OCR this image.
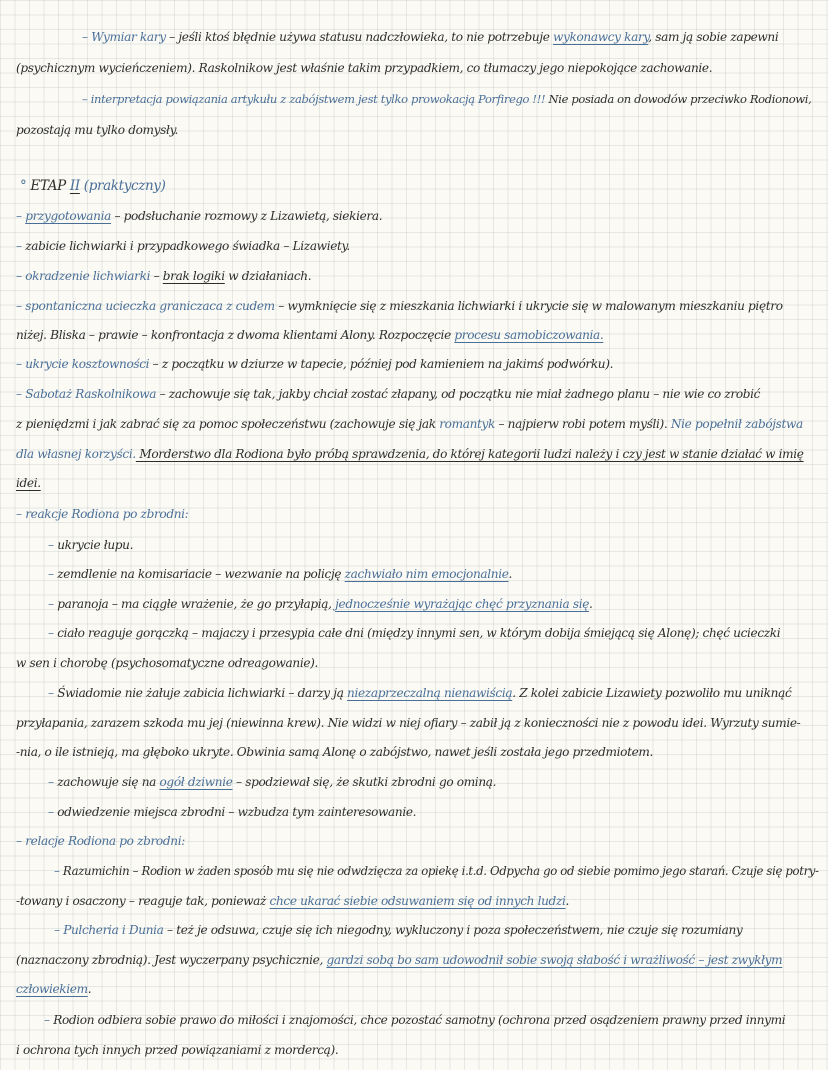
– Wymiar kary – jeśli ktoś błędnie używa statusu nadczłowieka, to nie potrzebuje wykonawcy kary, sam ją sobie zapewni
(psychicznym wycieńczeniem). Raskolnikow jest właśnie takim przypadkiem, co tłumaczy jego niepokojące zachowanie.
– interpretacja powiązania artykułu z zabójstwem jest tylko prowokacją Porfirego !!! Nie posiada on dowodów przeciwko Rodionowi,
pozostają mu tylko domysły.
° ETAP II (praktyczny)
– przygotowania – podsłuchanie rozmowy z Lizawietą, siekiera.
– zabicie lichwiarki i przypadkowego świadka – Lizawiety.
– okradzenie lichwiarki – brak logiki w działaniach.
– spontaniczna ucieczka graniczaca z cudem – wymknięcie się z mieszkania lichwiarki i ukrycie się w malowanym mieszkaniu piętro
niżej. Bliska – prawie – konfrontacja z dwoma klientami Alony. Rozpoczęcie procesu samobiczowania.
– ukrycie kosztowności – z początku w dziurze w tapecie, później pod kamieniem na jakimś podwórku).
– Sabotaż Raskolnikowa – zachowuje się tak, jakby chciał zostać złapany, od początku nie miał żadnego planu – nie wie co zrobić
z pieniędzmi i jak zabrać się za pomoc społeczeństwu (zachowuje się jak romantyk – najpierw robi potem myśli). Nie popełnił zabójstwa
dla własnej korzyści. Morderstwo dla Rodiona było próbą sprawdzenia, do której kategorii ludzi należy i czy jest w stanie działać w imię
idei.
– reakcje Rodiona po zbrodni:
– ukrycie łupu.
– zemdlenie na komisariacie – wezwanie na policję zachwiało nim emocjonalnie.
– paranoja – ma ciągłe wrażenie, że go przyłapią, jednocześnie wyrażając chęć przyznania się.
– ciało reaguje gorączką – majaczy i przesypia całe dni (między innymi sen, w którym dobija śmiejącą się Alonę); chęć ucieczki
w sen i chorobę (psychosomatyczne odreagowanie).
– Świadomie nie żałuje zabicia lichwiarki – darzy ją niezaprzeczalną nienawiścią. Z kolei zabicie Lizawiety pozwoliło mu uniknąć
przyłapania, zarazem szkoda mu jej (niewinna krew). Nie widzi w niej ofiary – zabił ją z konieczności nie z powodu idei. Wyrzuty sumie-
-nia, o ile istnieją, ma głęboko ukryte. Obwinia samą Alonę o zabójstwo, nawet jeśli została jego przedmiotem.
– zachowuje się na ogół dziwnie – spodziewał się, że skutki zbrodni go ominą.
– odwiedzenie miejsca zbrodni – wzbudza tym zainteresowanie.
– relacje Rodiona po zbrodni:
– Razumichin – Rodion w żaden sposób mu się nie odwdzięcza za opiekę i.t.d. Odpycha go od siebie pomimo jego starań. Czuje się potry-
-towany i osaczony – reaguje tak, ponieważ chce ukarać siebie odsuwaniem się od innych ludzi.
– Pulcheria i Dunia – też je odsuwa, czuje się ich niegodny, wykluczony i poza społeczeństwem, nie czuje się rozumiany
(naznaczony zbrodnią). Jest wyczerpany psychicznie, gardzi sobą bo sam udowodnił sobie swoją słabość i wrażliwość – jest zwykłym
człowiekiem.
– Rodion odbiera sobie prawo do miłości i znajomości, chce pozostać samotny (ochrona przed osądzeniem prawny przed innymi
i ochrona tych innych przed powiązaniami z mordercą).
